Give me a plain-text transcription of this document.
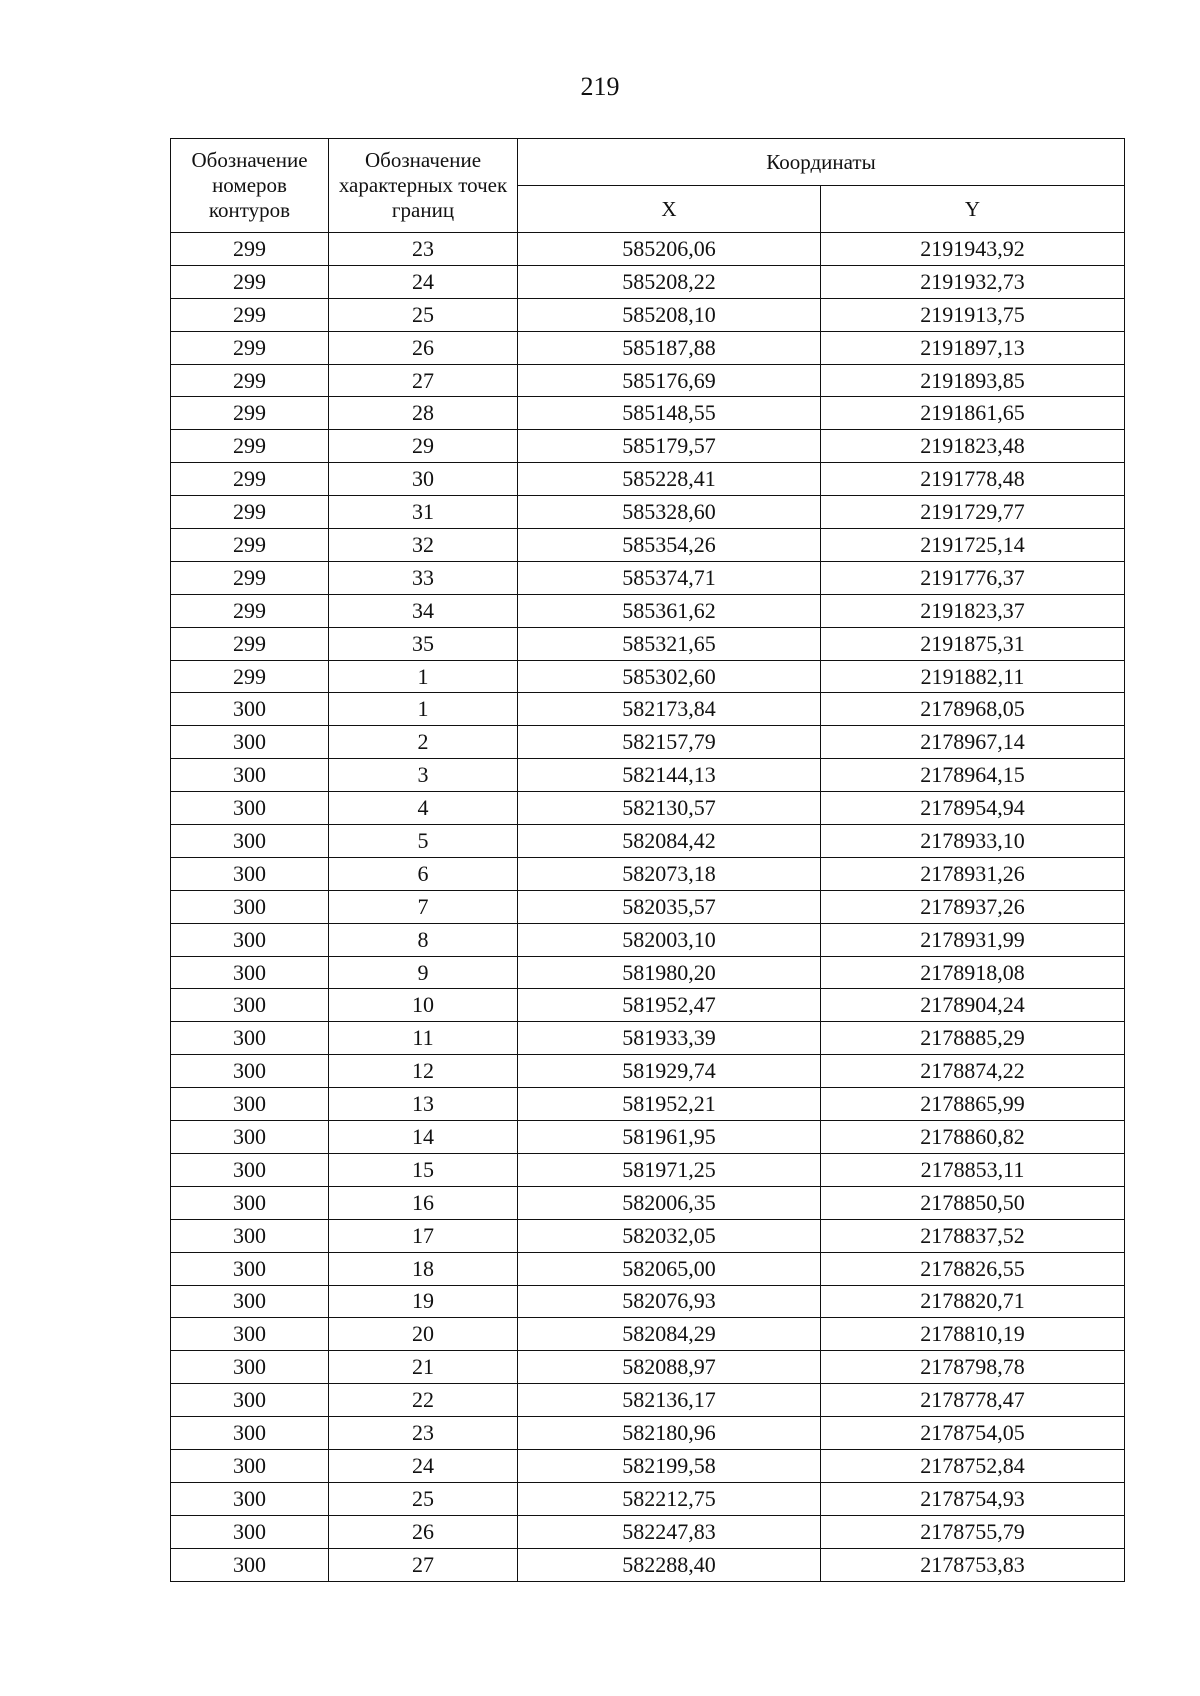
219
Обозначение номеров контуров	Обозначение характерных точек границ	Координаты	
		X	Y
299	23	585206,06	2191943,92
299	24	585208,22	2191932,73
299	25	585208,10	2191913,75
299	26	585187,88	2191897,13
299	27	585176,69	2191893,85
299	28	585148,55	2191861,65
299	29	585179,57	2191823,48
299	30	585228,41	2191778,48
299	31	585328,60	2191729,77
299	32	585354,26	2191725,14
299	33	585374,71	2191776,37
299	34	585361,62	2191823,37
299	35	585321,65	2191875,31
299	1	585302,60	2191882,11
300	1	582173,84	2178968,05
300	2	582157,79	2178967,14
300	3	582144,13	2178964,15
300	4	582130,57	2178954,94
300	5	582084,42	2178933,10
300	6	582073,18	2178931,26
300	7	582035,57	2178937,26
300	8	582003,10	2178931,99
300	9	581980,20	2178918,08
300	10	581952,47	2178904,24
300	11	581933,39	2178885,29
300	12	581929,74	2178874,22
300	13	581952,21	2178865,99
300	14	581961,95	2178860,82
300	15	581971,25	2178853,11
300	16	582006,35	2178850,50
300	17	582032,05	2178837,52
300	18	582065,00	2178826,55
300	19	582076,93	2178820,71
300	20	582084,29	2178810,19
300	21	582088,97	2178798,78
300	22	582136,17	2178778,47
300	23	582180,96	2178754,05
300	24	582199,58	2178752,84
300	25	582212,75	2178754,93
300	26	582247,83	2178755,79
300	27	582288,40	2178753,83
